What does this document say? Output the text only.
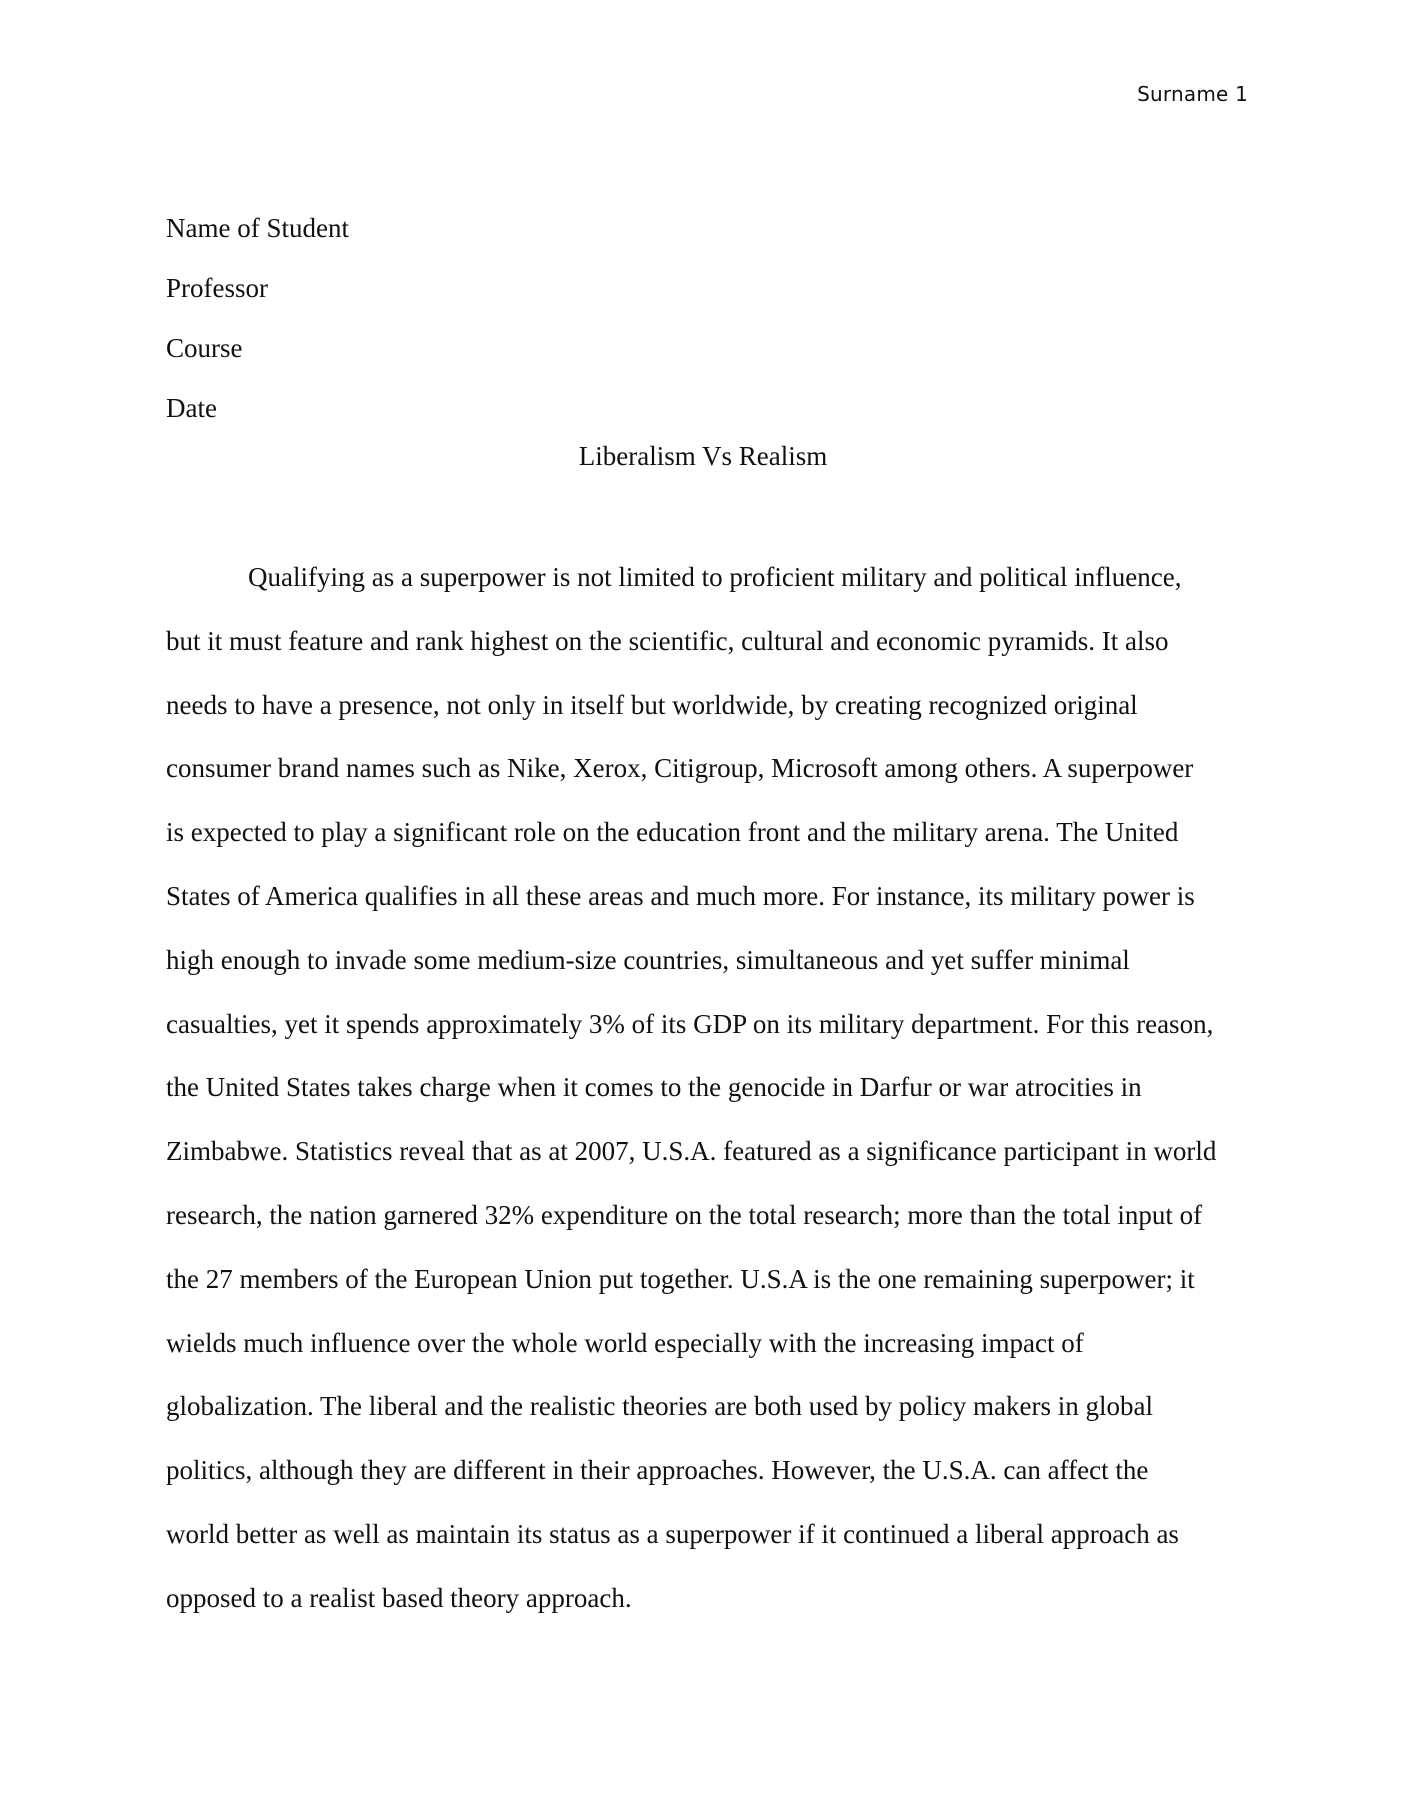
Surname 1
Name of Student
Professor
Course
Date
Liberalism Vs Realism
Qualifying as a superpower is not limited to proficient military and political influence,
but it must feature and rank highest on the scientific, cultural and economic pyramids. It also
needs to have a presence, not only in itself but worldwide, by creating recognized original
consumer brand names such as Nike, Xerox, Citigroup, Microsoft among others. A superpower
is expected to play a significant role on the education front and the military arena. The United
States of America qualifies in all these areas and much more. For instance, its military power is
high enough to invade some medium-size countries, simultaneous and yet suffer minimal
casualties, yet it spends approximately 3% of its GDP on its military department. For this reason,
the United States takes charge when it comes to the genocide in Darfur or war atrocities in
Zimbabwe. Statistics reveal that as at 2007, U.S.A. featured as a significance participant in world
research, the nation garnered 32% expenditure on the total research; more than the total input of
the 27 members of the European Union put together. U.S.A is the one remaining superpower; it
wields much influence over the whole world especially with the increasing impact of
globalization. The liberal and the realistic theories are both used by policy makers in global
politics, although they are different in their approaches. However, the U.S.A. can affect the
world better as well as maintain its status as a superpower if it continued a liberal approach as
opposed to a realist based theory approach.
